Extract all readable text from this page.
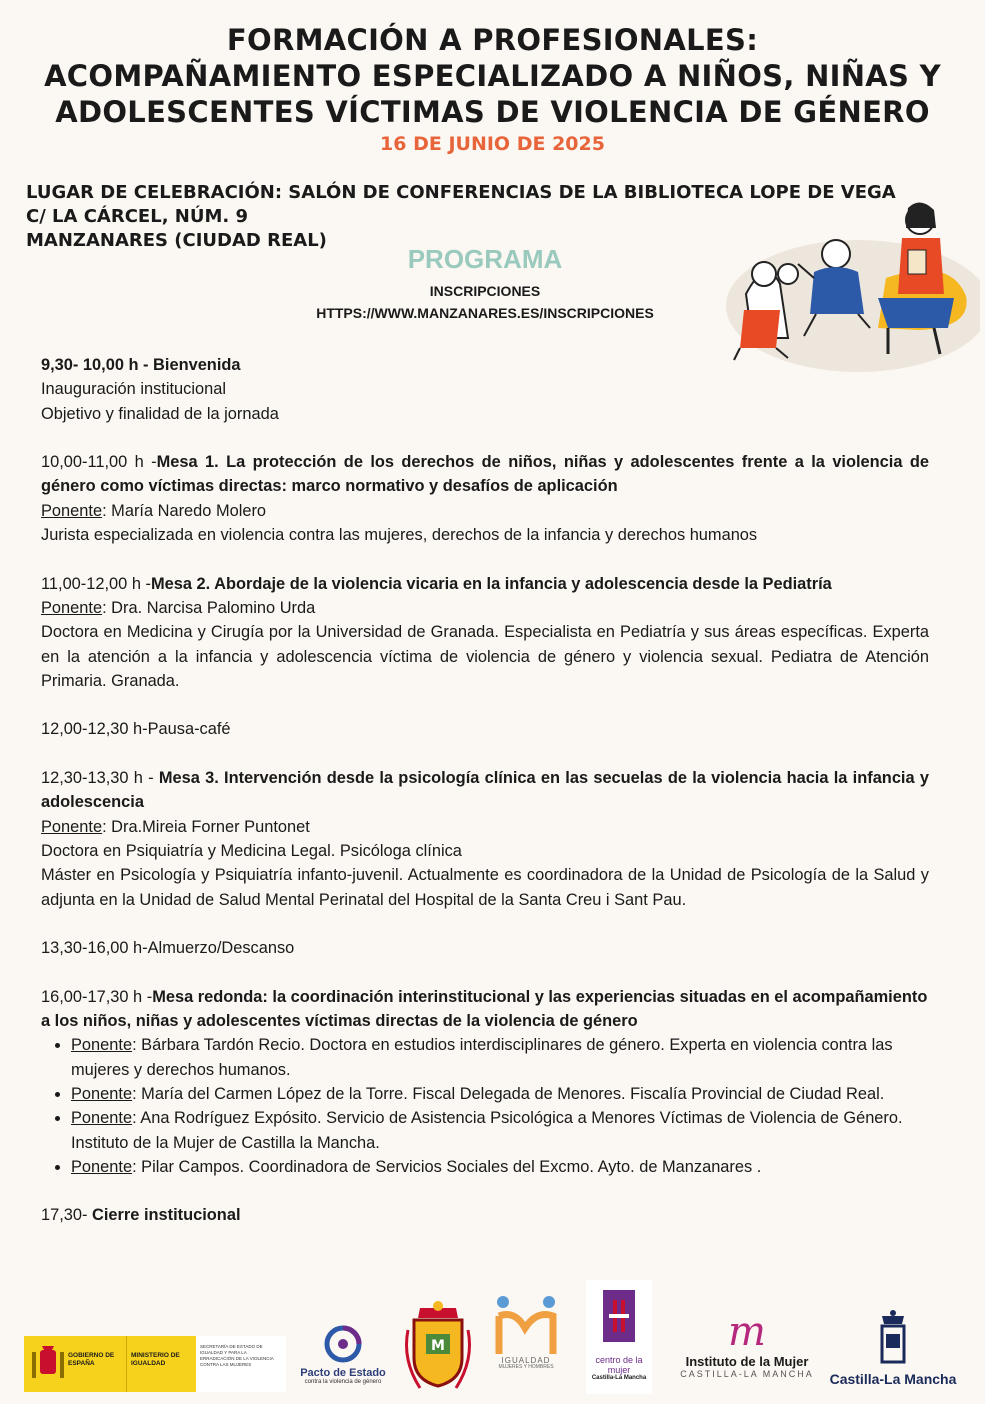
FORMACIÓN A PROFESIONALES:
ACOMPAÑAMIENTO ESPECIALIZADO A NIÑOS, NIÑAS Y
ADOLESCENTES VÍCTIMAS DE VIOLENCIA DE GÉNERO
16 DE JUNIO DE 2025
LUGAR DE CELEBRACIÓN: SALÓN DE CONFERENCIAS DE LA BIBLIOTECA LOPE DE VEGA
C/ LA CÁRCEL, NÚM. 9
MANZANARES (CIUDAD REAL)
PROGRAMA
INSCRIPCIONES
HTTPS://WWW.MANZANARES.ES/INSCRIPCIONES

9,30- 10,00 h - Bienvenida

Inauguración institucional

Objetivo y finalidad de la jornada

10,00-11,00 h -Mesa 1. La protección de los derechos de niños, niñas y adolescentes frente a la violencia de género como víctimas directas: marco normativo y desafíos de aplicación

Ponente: María Naredo Molero

Jurista especializada en violencia contra las mujeres, derechos de la infancia y derechos humanos

11,00-12,00 h -Mesa 2. Abordaje de la violencia vicaria en la infancia y adolescencia desde la Pediatría

Ponente: Dra. Narcisa Palomino Urda

Doctora en Medicina y Cirugía por la Universidad de Granada. Especialista en Pediatría y sus áreas específicas. Experta en la atención a la infancia y adolescencia víctima de violencia de género y violencia sexual. Pediatra de Atención Primaria. Granada.

12,00-12,30 h-Pausa-café

12,30-13,30 h - Mesa 3. Intervención desde la psicología clínica en las secuelas de la violencia hacia la infancia y adolescencia

Ponente: Dra.Mireia Forner Puntonet

Doctora en Psiquiatría y Medicina Legal. Psicóloga clínica

Máster en Psicología y Psiquiatría infanto-juvenil. Actualmente es coordinadora de la Unidad de Psicología de la Salud y adjunta en la Unidad de Salud Mental Perinatal del Hospital de la Santa Creu i Sant Pau.

13,30-16,00 h-Almuerzo/Descanso

16,00-17,30 h -Mesa redonda: la coordinación interinstitucional y las experiencias situadas en el acompañamiento a los niños, niñas y adolescentes víctimas directas de la violencia de género

• Ponente: Bárbara Tardón Recio. Doctora en estudios interdisciplinares de género. Experta en violencia contra las mujeres y derechos humanos.
• Ponente: María del Carmen López de la Torre. Fiscal Delegada de Menores. Fiscalía Provincial de Ciudad Real.
• Ponente: Ana Rodríguez Expósito. Servicio de Asistencia Psicológica a Menores Víctimas de Violencia de Género. Instituto de la Mujer de Castilla la Mancha.
• Ponente: Pilar Campos. Coordinadora de Servicios Sociales del Excmo. Ayto. de Manzanares .

17,30- Cierre institucional

GOBIERNO DE ESPAÑA
MINISTERIO DE IGUALDAD
SECRETARÍA DE ESTADO DE IGUALDAD Y PARA LA ERRADICACIÓN DE LA VIOLENCIA CONTRA LAS MUJERES
Pacto de Estado
contra la violencia de género
M
IGUALDAD
MUJERES Y HOMBRES
centro de la mujer
Castilla-La Mancha
m
Instituto de la Mujer
CASTILLA-LA MANCHA	Castilla-La Mancha
